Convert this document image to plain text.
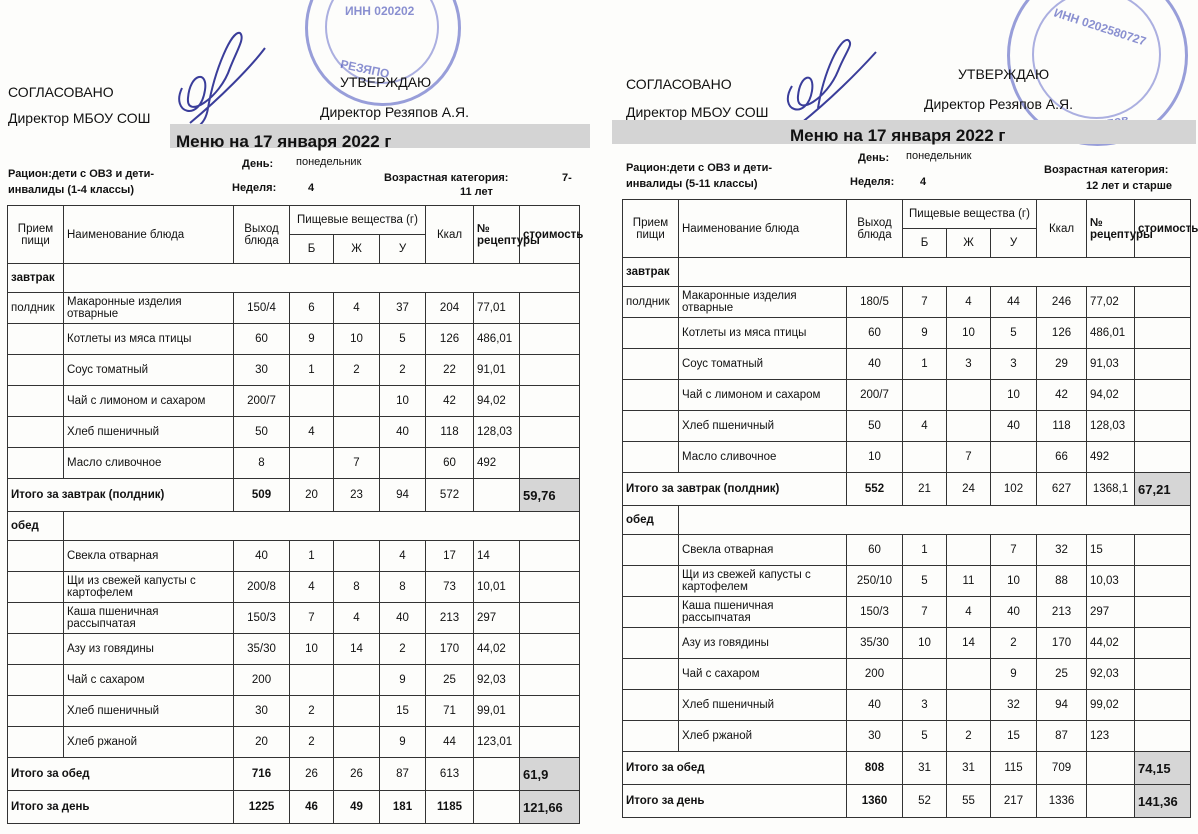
ИНН 020202
РЕЗЯПО
СОГЛАСОВАНО
Директор МБОУ СОШ
УТВЕРЖДАЮ
Директор Резяпов А.Я.
Меню на 17 января 2022 г
День: понедельник
Рацион:дети с ОВЗ и дети-
инвалиды (1-4 классы)	Неделя:	4
Возрастная категория:	7-
11 лет
Прием пищи	Наименование блюда	Выход блюда	Пищевые вещества (г)			Ккал	№ рецептуры	стоимость
			Б	Ж	У			
завтрак								
полдник	Макаронные изделия отварные	150/4	6	4	37	204	77,01	
	Котлеты из мяса птицы	60	9	10	5	126	486,01	
	Соус томатный	30	1	2	2	22	91,01	
	Чай с лимоном и сахаром	200/7			10	42	94,02	
	Хлеб пшеничный	50	4		40	118	128,03	
	Масло сливочное	8		7		60	492	
Итого за завтрак (полдник)		509	20	23	94	572		59,76
обед								
	Свекла отварная	40	1		4	17	14	
	Щи из свежей капусты с картофелем	200/8	4	8	8	73	10,01	
	Каша пшеничная рассыпчатая	150/3	7	4	40	213	297	
	Азу из говядины	35/30	10	14	2	170	44,02	
	Чай с сахаром	200			9	25	92,03	
	Хлеб пшеничный	30	2		15	71	99,01	
	Хлеб ржаной	20	2		9	44	123,01	
Итого за обед		716	26	26	87	613		61,9
Итого за день		1225	46	49	181	1185		121,66
ИНН 0202580727
СОГЛАСОВАНО
Директор МБОУ СОШ
УТВЕРЖДАЮ
Директор Резяпов А.Я.
Меню на 17 января 2022 г
День: понедельник
Рацион:дети с ОВЗ и дети-
инвалиды (5-11 классы)	Неделя: 4
Возрастная категория:
12 лет и старше
Прием пищи	Наименование блюда	Выход блюда	Пищевые вещества (г)			Ккал	№ рецептуры	стоимость
			Б	Ж	У			
завтрак								
полдник	Макаронные изделия отварные	180/5	7	4	44	246	77,02	
	Котлеты из мяса птицы	60	9	10	5	126	486,01	
	Соус томатный	40	1	3	3	29	91,03	
	Чай с лимоном и сахаром	200/7			10	42	94,02	
	Хлеб пшеничный	50	4		40	118	128,03	
	Масло сливочное	10		7		66	492	
Итого за завтрак (полдник)		552	21	24	102	627	1368,1	67,21
обед								
	Свекла отварная	60	1		7	32	15	
	Щи из свежей капусты с картофелем	250/10	5	11	10	88	10,03	
	Каша пшеничная рассыпчатая	150/3	7	4	40	213	297	
	Азу из говядины	35/30	10	14	2	170	44,02	
	Чай с сахаром	200			9	25	92,03	
	Хлеб пшеничный	40	3		32	94	99,02	
	Хлеб ржаной	30	5	2	15	87	123	
Итого за обед		808	31	31	115	709		74,15
Итого за день		1360	52	55	217	1336		141,36
